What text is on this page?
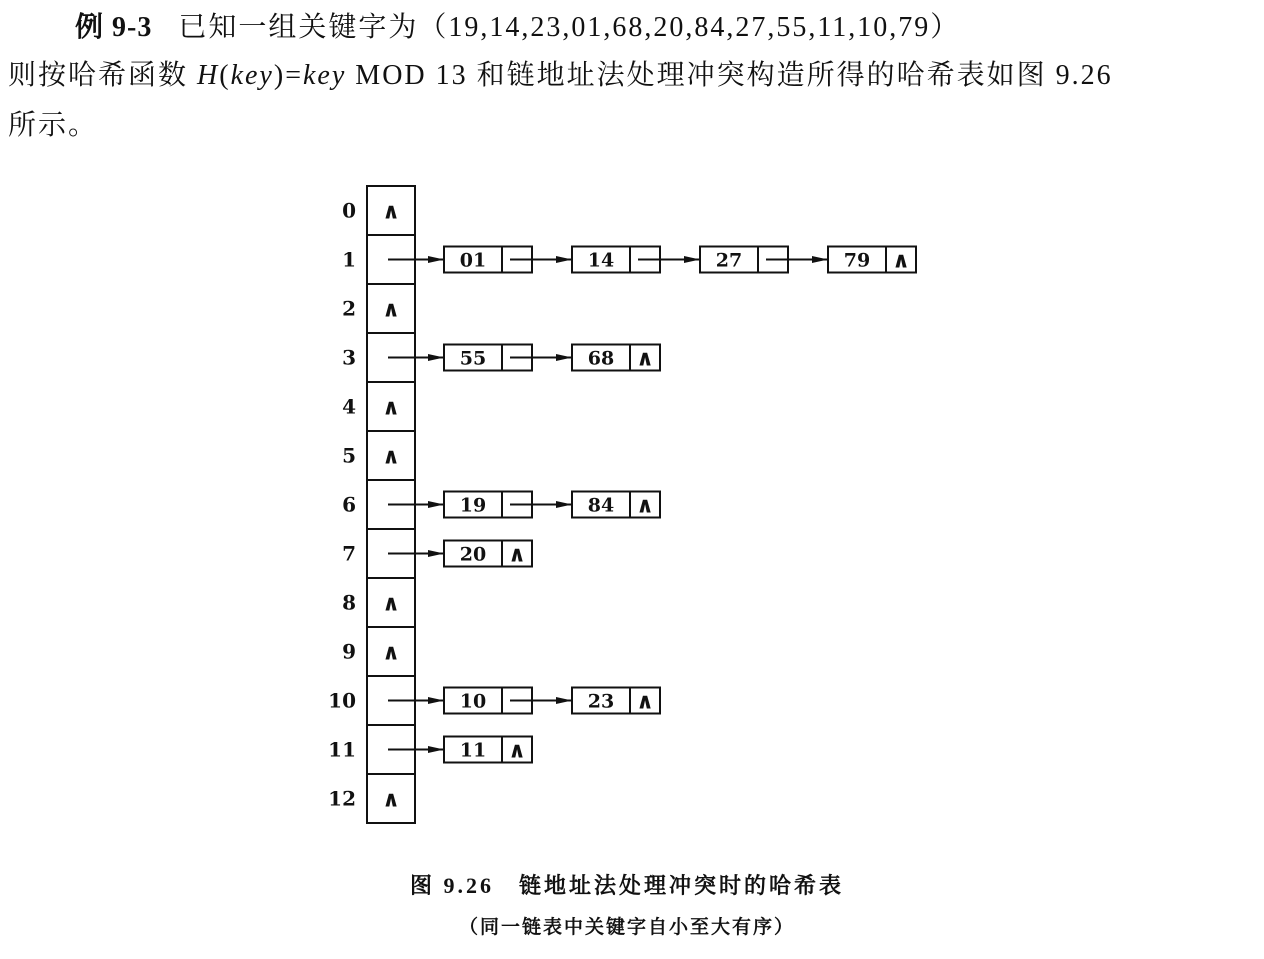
例 9-3 已知一组关键字为（19,14,23,01,68,20,84,27,55,11,10,79）
则按哈希函数 H(key)=key MOD 13 和链地址法处理冲突构造所得的哈希表如图 9.26
所示。
0 ∧
1	01	14	27	79 ∧
2 ∧
3	55	68 ∧
4 ∧
5 ∧
6	19	84 ∧
7	20 ∧
8 ∧
9 ∧
10	10	23 ∧
11	11 ∧
12 ∧
图 9.26　链地址法处理冲突时的哈希表
（同一链表中关键字自小至大有序）
